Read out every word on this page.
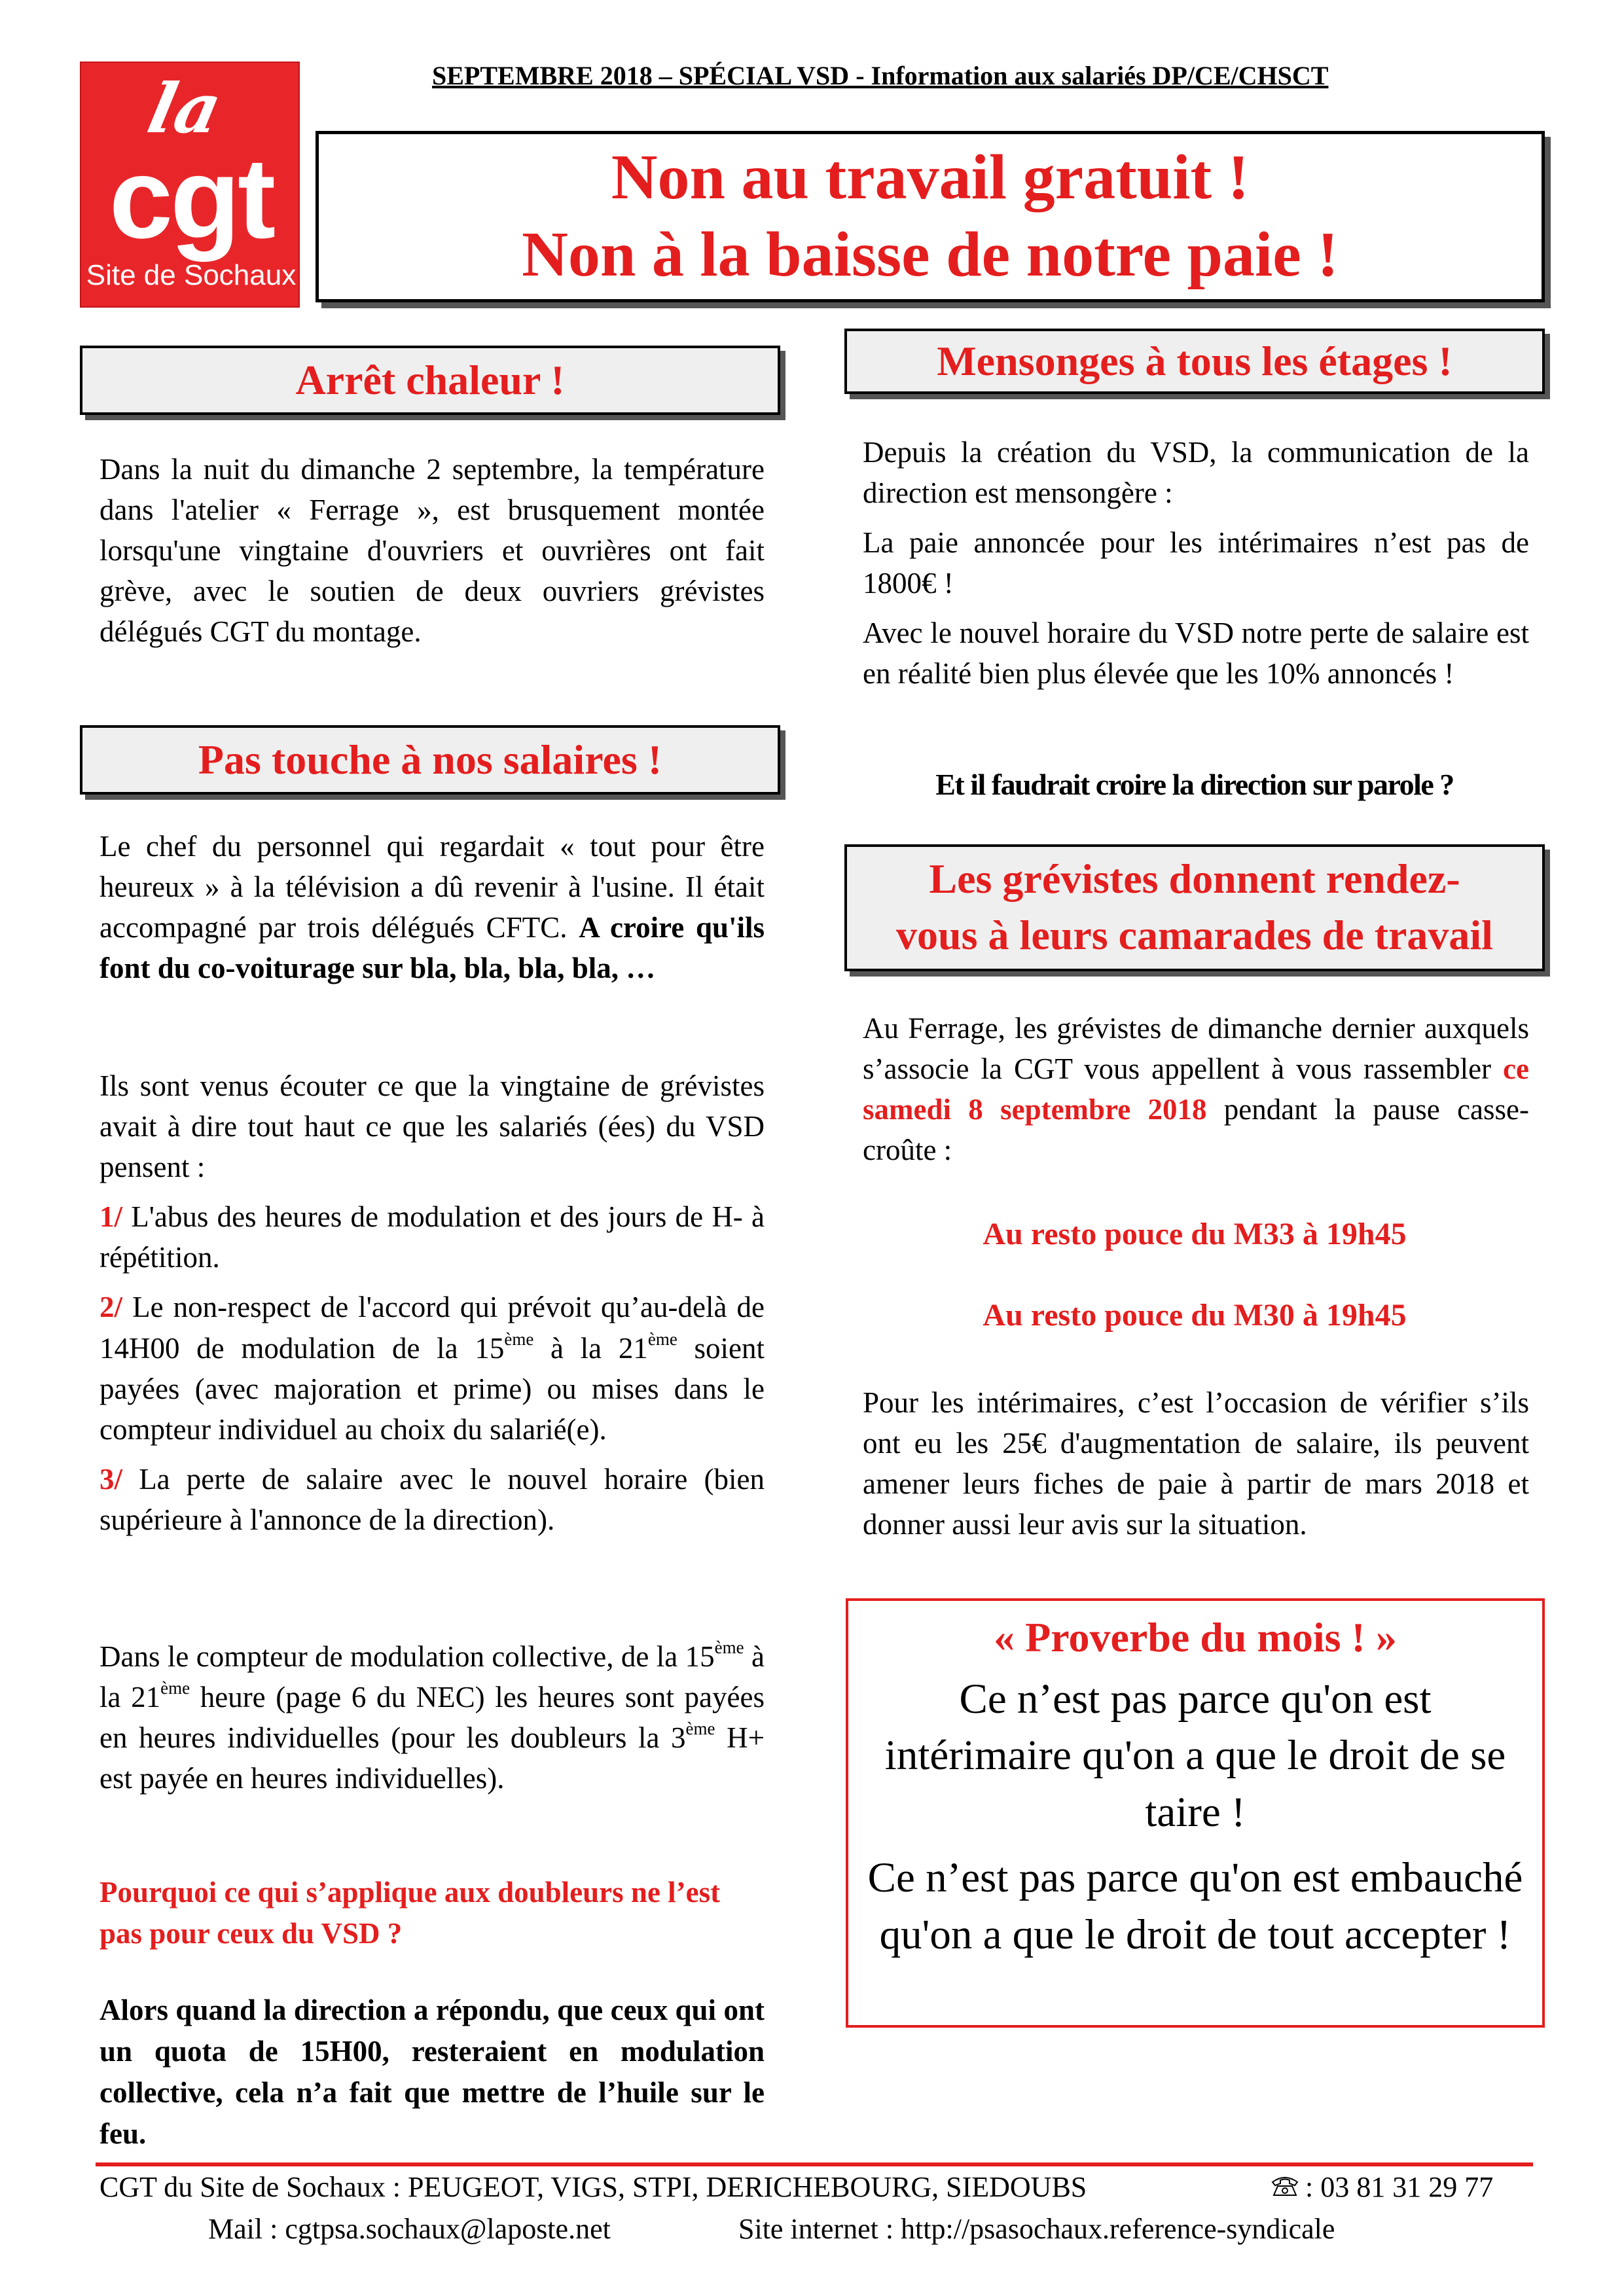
la
cgt
Site de Sochaux
SEPTEMBRE 2018 – SPÉCIAL VSD - Information aux salariés DP/CE/CHSCT
Non au travail gratuit !
Non à la baisse de notre paie !
Arrêt chaleur !
Dans la nuit du dimanche 2 septembre, la température dans l'atelier « Ferrage », est brusquement montée lorsqu'une vingtaine d'ouvriers et ouvrières ont fait grève, avec le soutien de deux ouvriers grévistes délégués CGT du montage.
Pas touche à nos salaires !
Le chef du personnel qui regardait « tout pour être heureux » à la télévision a dû revenir à l'usine. Il était accompagné par trois délégués CFTC. A croire qu'ils font du co-voiturage sur bla, bla, bla, bla, …

Ils sont venus écouter ce que la vingtaine de grévistes avait à dire tout haut ce que les salariés (ées) du VSD pensent :

1/ L'abus des heures de modulation et des jours de H- à répétition.

2/ Le non-respect de l'accord qui prévoit qu’au-delà de 14H00 de modulation de la 15ème à la 21ème soient payées (avec majoration et prime) ou mises dans le compteur individuel au choix du salarié(e).

3/ La perte de salaire avec le nouvel horaire (bien supérieure à l'annonce de la direction).

Dans le compteur de modulation collective, de la 15ème à la 21ème heure (page 6 du NEC) les heures sont payées en heures individuelles (pour les doubleurs la 3ème H+ est payée en heures individuelles).
Pourquoi ce qui s’applique aux doubleurs ne l’est pas pour ceux du VSD ?
Alors quand la direction a répondu, que ceux qui ont un quota de 15H00, resteraient en modulation collective, cela n’a fait que mettre de l’huile sur le feu.
Mensonges à tous les étages !

Depuis la création du VSD, la communication de la direction est mensongère :

La paie annoncée pour les intérimaires n’est pas de 1800€ !

Avec le nouvel horaire du VSD notre perte de salaire est en réalité bien plus élevée que les 10% annoncés !

Et il faudrait croire la direction sur parole ?
Les grévistes donnent rendez-
vous à leurs camarades de travail
Au Ferrage, les grévistes de dimanche dernier auxquels s’associe la CGT vous appellent à vous rassembler ce samedi 8 septembre 2018 pendant la pause casse-croûte :
Au resto pouce du M33 à 19h45
Au resto pouce du M30 à 19h45
Pour les intérimaires, c’est l’occasion de vérifier s’ils ont eu les 25€ d'augmentation de salaire, ils peuvent amener leurs fiches de paie à partir de mars 2018 et donner aussi leur avis sur la situation.
« Proverbe du mois ! »
Ce n’est pas parce qu'on est intérimaire qu'on a que le droit de se taire !
Ce n’est pas parce qu'on est embauché qu'on a que le droit de tout accepter !
CGT du Site de Sochaux : PEUGEOT, VIGS, STPI, DERICHEBOURG, SIEDOUBS	: 03 81 31 29 77
Mail : cgtpsa.sochaux@laposte.net	Site internet : http://psasochaux.reference-syndicale
